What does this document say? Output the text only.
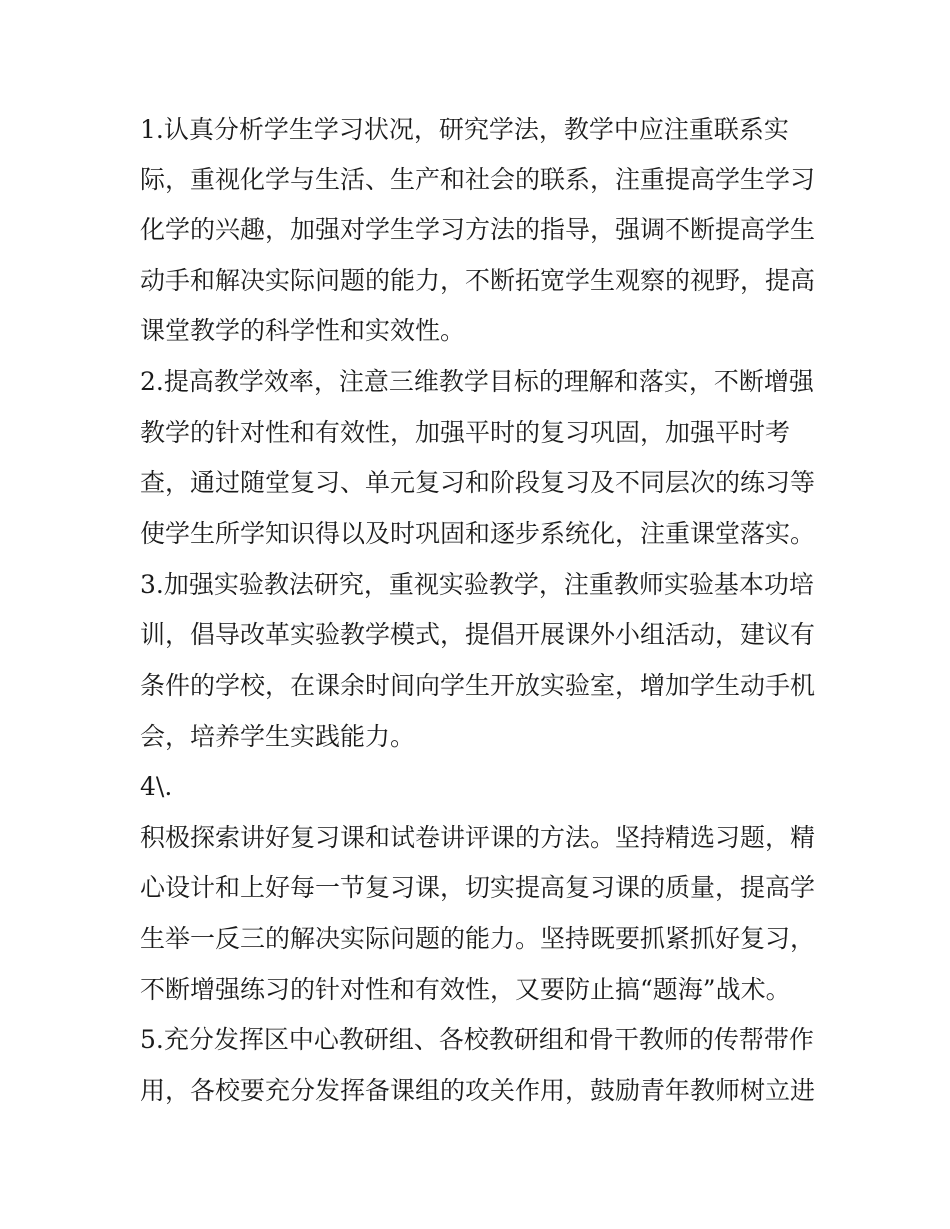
1.认真分析学生学习状况，研究学法，教学中应注重联系实
际，重视化学与生活、生产和社会的联系，注重提高学生学习
化学的兴趣，加强对学生学习方法的指导，强调不断提高学生
动手和解决实际问题的能力，不断拓宽学生观察的视野，提高
课堂教学的科学性和实效性。
2.提高教学效率，注意三维教学目标的理解和落实，不断增强
教学的针对性和有效性，加强平时的复习巩固，加强平时考
查，通过随堂复习、单元复习和阶段复习及不同层次的练习等
使学生所学知识得以及时巩固和逐步系统化，注重课堂落实。
3.加强实验教法研究，重视实验教学，注重教师实验基本功培
训，倡导改革实验教学模式，提倡开展课外小组活动，建议有
条件的学校，在课余时间向学生开放实验室，增加学生动手机
会，培养学生实践能力。
4\.
积极探索讲好复习课和试卷讲评课的方法。坚持精选习题，精
心设计和上好每一节复习课，切实提高复习课的质量，提高学
生举一反三的解决实际问题的能力。坚持既要抓紧抓好复习，
不断增强练习的针对性和有效性，又要防止搞“题海”战术。
5.充分发挥区中心教研组、各校教研组和骨干教师的传帮带作
用，各校要充分发挥备课组的攻关作用，鼓励青年教师树立进
